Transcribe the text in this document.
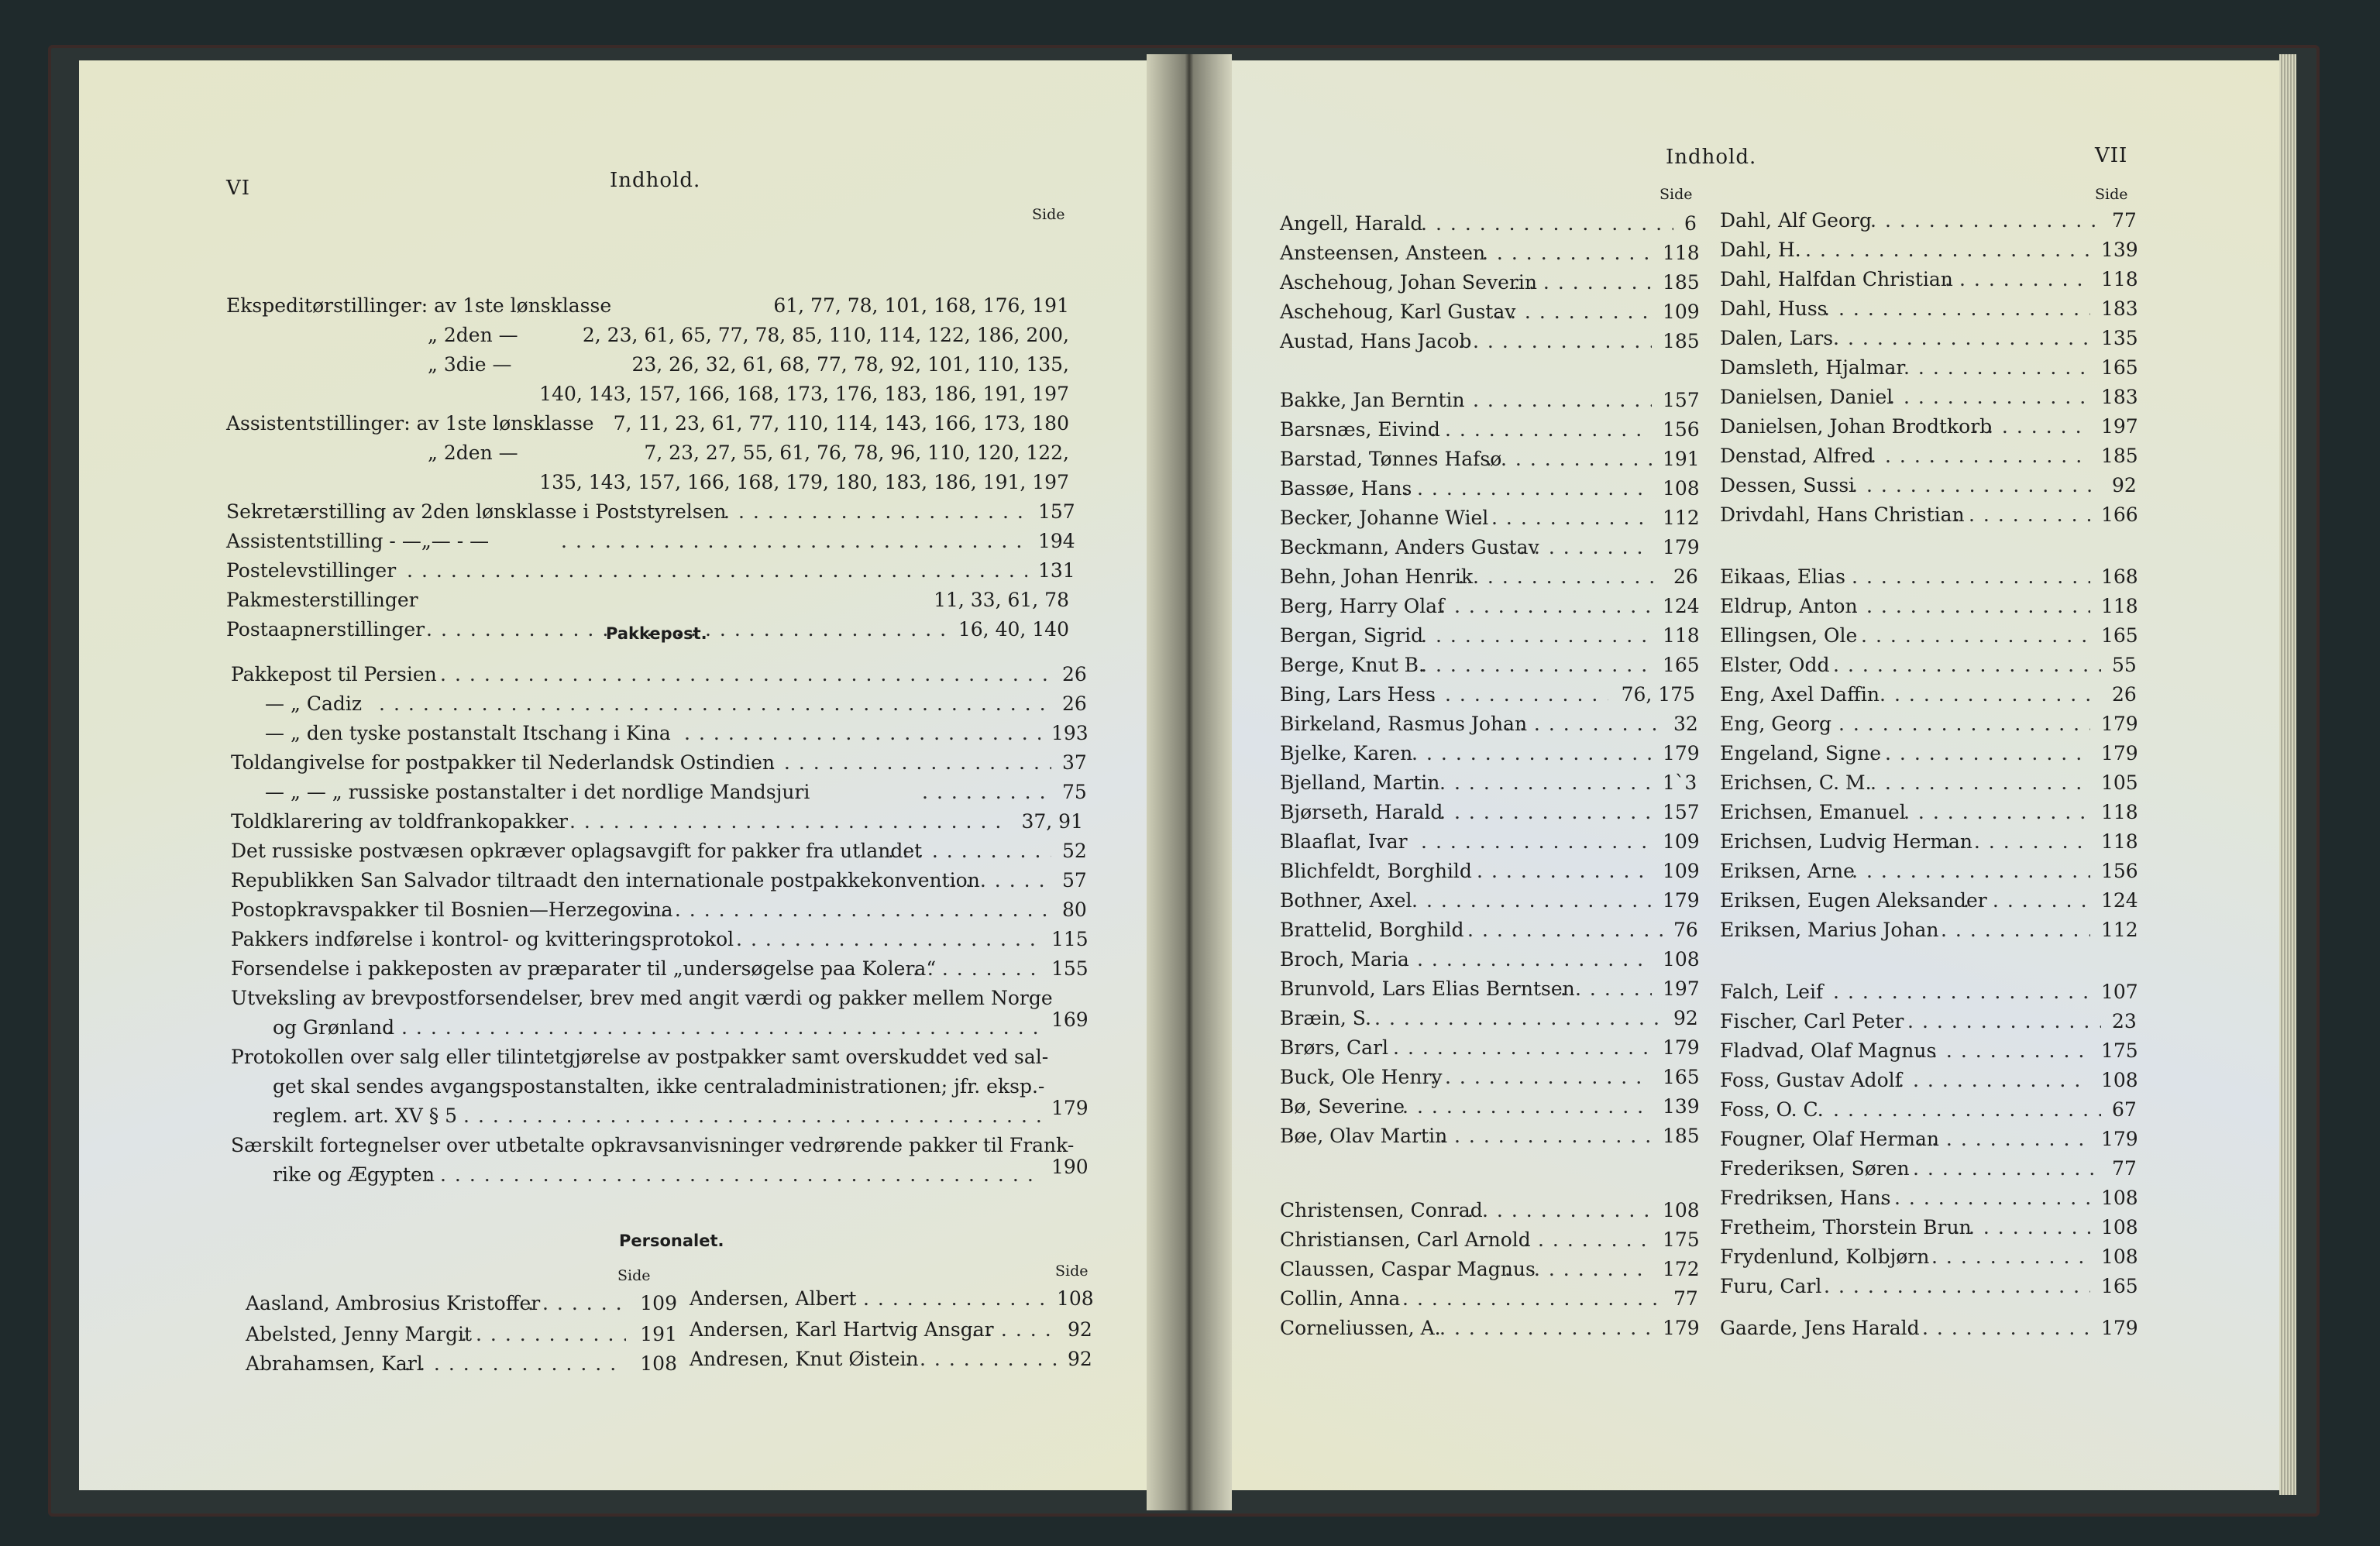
VI	Indhold.
Side
Ekspeditørstillinger: av 1ste lønsklasse	61, 77, 78, 101, 168, 176, 191
„ 2den —	2, 23, 61, 65, 77, 78, 85, 110, 114, 122, 186, 200,
„ 3die —	23, 26, 32, 61, 68, 77, 78, 92, 101, 110, 135,
140, 143, 157, 166, 168, 173, 176, 183, 186, 191, 197
Assistentstillinger: av 1ste lønsklasse	7, 11, 23, 61, 77, 110, 114, 143, 166, 173, 180
„ 2den —	7, 23, 27, 55, 61, 76, 78, 96, 110, 120, 122,
135, 143, 157, 166, 168, 179, 180, 183, 186, 191, 197
Sekretærstilling av 2den lønsklasse i Poststyrelsen	157
.....
Assistentstilling - —„— - —	194
.....
Postelevstillinger	131
.....
Pakmesterstillinger	11, 33, 61, 78
Postaapnerstillinger	16, 40, 140
.....
Pakkepost.
Pakkepost til Persien	26
.....
— „ Cadiz	26
.....
— „ den tyske postanstalt Itschang i Kina	193
.....
Toldangivelse for postpakker til Nederlandsk Ostindien	37
.....
— „ — „ russiske postanstalter i det nordlige Mandsjuri	75
.....
Toldklarering av toldfrankopakker	37, 91
.....
Det russiske postvæsen opkræver oplagsavgift for pakker fra utlandet	52
.....
Republikken San Salvador tiltraadt den internationale postpakkekonvention	57
.....
Postopkravspakker til Bosnien—Herzegovina	80
.....
Pakkers indførelse i kontrol- og kvitteringsprotokol	115
.....
Forsendelse i pakkeposten av præparater til „undersøgelse paa Kolera“	155
.....
Utveksling av brevpostforsendelser, brev med angit værdi og pakker mellem Norge
og Grønland	169
.....
Protokollen over salg eller tilintetgjørelse av postpakker samt overskuddet ved sal-
get skal sendes avgangspostanstalten, ikke centraladministrationen; jfr. eksp.-
reglem. art. XV § 5	179
.....
Særskilt fortegnelser over utbetalte opkravsanvisninger vedrørende pakker til Frank-
rike og Ægypten	190
.....
Personalet.
Side	Side
Aasland, Ambrosius Kristoffer	109
.....
Abelsted, Jenny Margit	191
.....
Abrahamsen, Karl	108
.....
Andersen, Albert	108
.....
Andersen, Karl Hartvig Ansgar	92
.....
Andresen, Knut Øistein	92
.....
Indhold.	VII
Side	Side
Angell, Harald	6
.....
Ansteensen, Ansteen	118
.....
Aschehoug, Johan Severin	185
.....
Aschehoug, Karl Gustav	109
.....
Austad, Hans Jacob	185
.....
Bakke, Jan Berntin	157
.....
Barsnæs, Eivind	156
.....
Barstad, Tønnes Hafsø	191
.....
Bassøe, Hans	108
.....
Becker, Johanne Wiel	112
.....
Beckmann, Anders Gustav	179
.....
Behn, Johan Henrik	26
.....
Berg, Harry Olaf	124
.....
Bergan, Sigrid	118
.....
Berge, Knut B.	165
.....
Bing, Lars Hess	76, 175
.....
Birkeland, Rasmus Johan	32
.....
Bjelke, Karen	179
.....
Bjelland, Martin	1`3
.....
Bjørseth, Harald	157
.....
Blaaflat, Ivar	109
.....
Blichfeldt, Borghild	109
.....
Bothner, Axel	179
.....
Brattelid, Borghild	76
.....
Broch, Maria	108
.....
Brunvold, Lars Elias Berntsen	197
.....
Bræin, S.	92
.....
Brørs, Carl	179
.....
Buck, Ole Henry	165
.....
Bø, Severine	139
.....
Bøe, Olav Martin	185
.....
Christensen, Conrad	108
.....
Christiansen, Carl Arnold	175
.....
Claussen, Caspar Magnus	172
.....
Collin, Anna	77
.....
Corneliussen, A.	179
.....
Dahl, Alf Georg	77
.....
Dahl, H.	139
.....
Dahl, Halfdan Christian	118
.....
Dahl, Huss	183
.....
Dalen, Lars	135
.....
Damsleth, Hjalmar	165
.....
Danielsen, Daniel	183
.....
Danielsen, Johan Brodtkorb	197
.....
Denstad, Alfred	185
.....
Dessen, Sussi	92
.....
Drivdahl, Hans Christian	166
.....
Eikaas, Elias	168
.....
Eldrup, Anton	118
.....
Ellingsen, Ole	165
.....
Elster, Odd	55
.....
Eng, Axel Daffin	26
.....
Eng, Georg	179
.....
Engeland, Signe	179
.....
Erichsen, C. M.	105
.....
Erichsen, Emanuel	118
.....
Erichsen, Ludvig Herman	118
.....
Eriksen, Arne	156
.....
Eriksen, Eugen Aleksander	124
.....
Eriksen, Marius Johan	112
.....
Falch, Leif	107
.....
Fischer, Carl Peter	23
.....
Fladvad, Olaf Magnus	175
.....
Foss, Gustav Adolf	108
.....
Foss, O. C.	67
.....
Fougner, Olaf Herman	179
.....
Frederiksen, Søren	77
.....
Fredriksen, Hans	108
.....
Fretheim, Thorstein Brun	108
.....
Frydenlund, Kolbjørn	108
.....
Furu, Carl	165
.....
Gaarde, Jens Harald	179
.....
